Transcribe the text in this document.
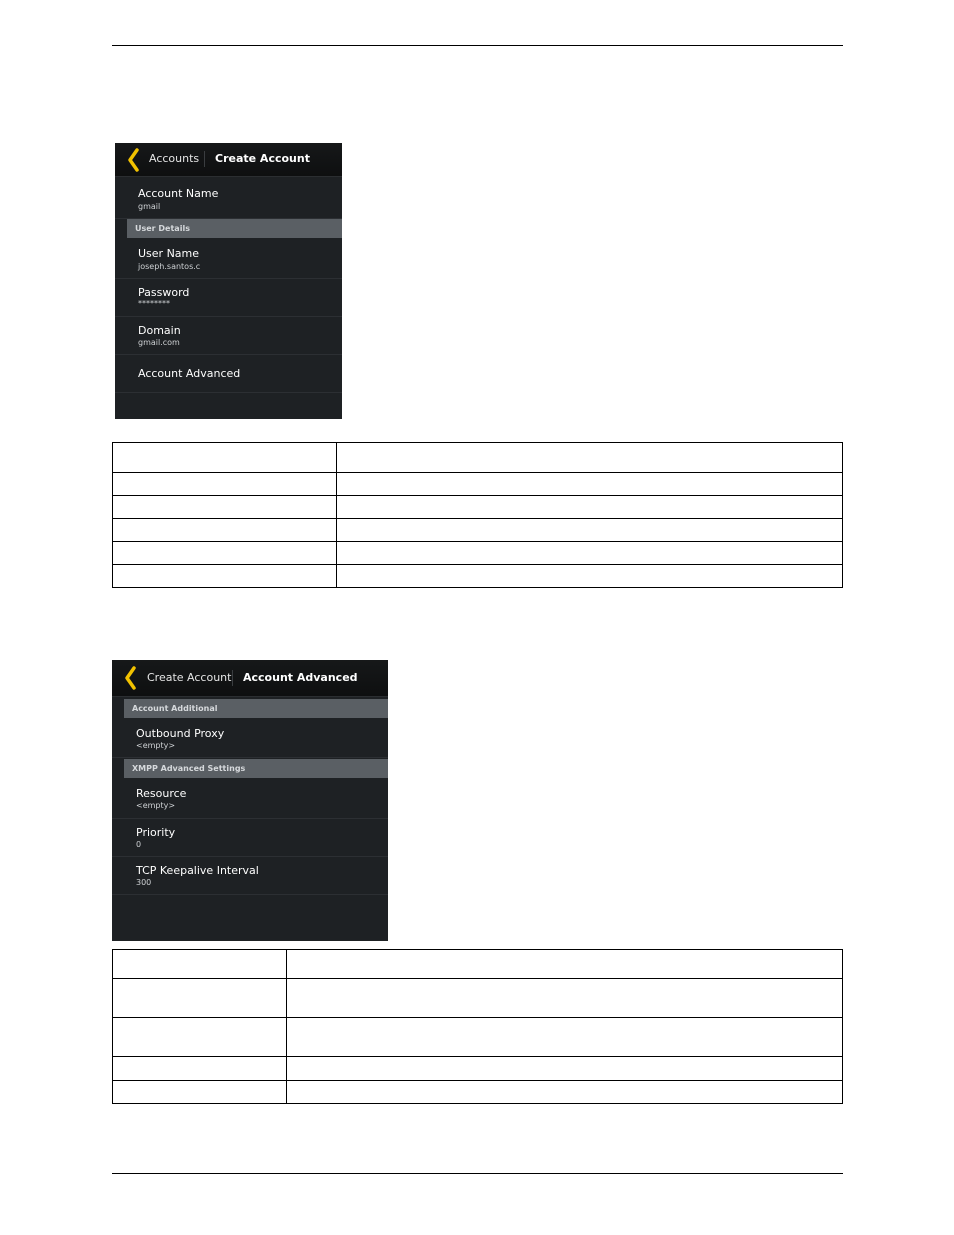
Accounts Create Account
Account Name
gmail
User Details
User Name
joseph.santos.c
Password
********
Domain
gmail.com
Account Advanced

Create Account Account Advanced
Account Additional
Outbound Proxy
<empty>
XMPP Advanced Settings
Resource
<empty>
Priority
0
TCP Keepalive Interval
300
